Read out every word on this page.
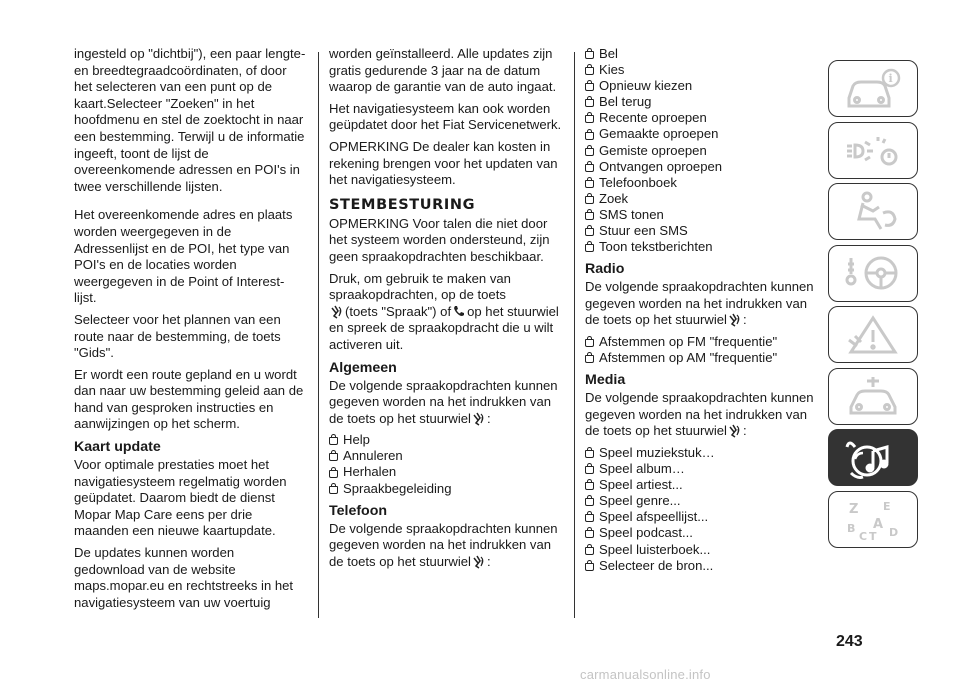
ingesteld op "dichtbij"), een paar lengte- en breedtegraadcoördinaten, of door het selecteren van een punt op de kaart.Selecteer "Zoeken" in het hoofdmenu en stel de zoektocht in naar een bestemming. Terwijl u de informatie ingeeft, toont de lijst de overeenkomende adressen en POI's in twee verschillende lijsten.

Het overeenkomende adres en plaats worden weergegeven in de Adressenlijst en de POI, het type van POI's en de locaties worden weergegeven in de Point of Interest-lijst.

Selecteer voor het plannen van een route naar de bestemming, de toets "Gids".

Er wordt een route gepland en u wordt dan naar uw bestemming geleid aan de hand van gesproken instructies en aanwijzingen op het scherm.

Kaart update

Voor optimale prestaties moet het navigatiesysteem regelmatig worden geüpdatet. Daarom biedt de dienst Mopar Map Care eens per drie maanden een nieuwe kaartupdate.

De updates kunnen worden gedownload van de website maps.mopar.eu en rechtstreeks in het navigatiesysteem van uw voertuig

worden geïnstalleerd. Alle updates zijn gratis gedurende 3 jaar na de datum waarop de garantie van de auto ingaat.

Het navigatiesysteem kan ook worden geüpdatet door het Fiat Servicenetwerk.

OPMERKING De dealer kan kosten in rekening brengen voor het updaten van het navigatiesysteem.

STEMBESTURING

OPMERKING Voor talen die niet door het systeem worden ondersteund, zijn geen spraakopdrachten beschikbaar.

Druk, om gebruik te maken van spraakopdrachten, op de toets
(toets "Spraak") of op het stuurwiel en spreek de spraakopdracht die u wilt activeren uit.

Algemeen

De volgende spraakopdrachten kunnen gegeven worden na het indrukken van de toets op het stuurwiel :

Help
Annuleren
Herhalen
Spraakbegeleiding
Telefoon

De volgende spraakopdrachten kunnen gegeven worden na het indrukken van de toets op het stuurwiel :

Bel
Kies
Opnieuw kiezen
Bel terug
Recente oproepen
Gemaakte oproepen
Gemiste oproepen
Ontvangen oproepen
Telefoonboek
Zoek
SMS tonen
Stuur een SMS
Toon tekstberichten
Radio

De volgende spraakopdrachten kunnen gegeven worden na het indrukken van de toets op het stuurwiel :

Afstemmen op FM "frequentie"
Afstemmen op AM "frequentie"
Media

De volgende spraakopdrachten kunnen gegeven worden na het indrukken van de toets op het stuurwiel :

Speel muziekstuk…
Speel album…
Speel artiest...
Speel genre...
Speel afspeellijst...
Speel podcast...
Speel luisterboek...
Selecteer de bron...
i
Z E
B A
C T D
243
carmanualsonline.info
